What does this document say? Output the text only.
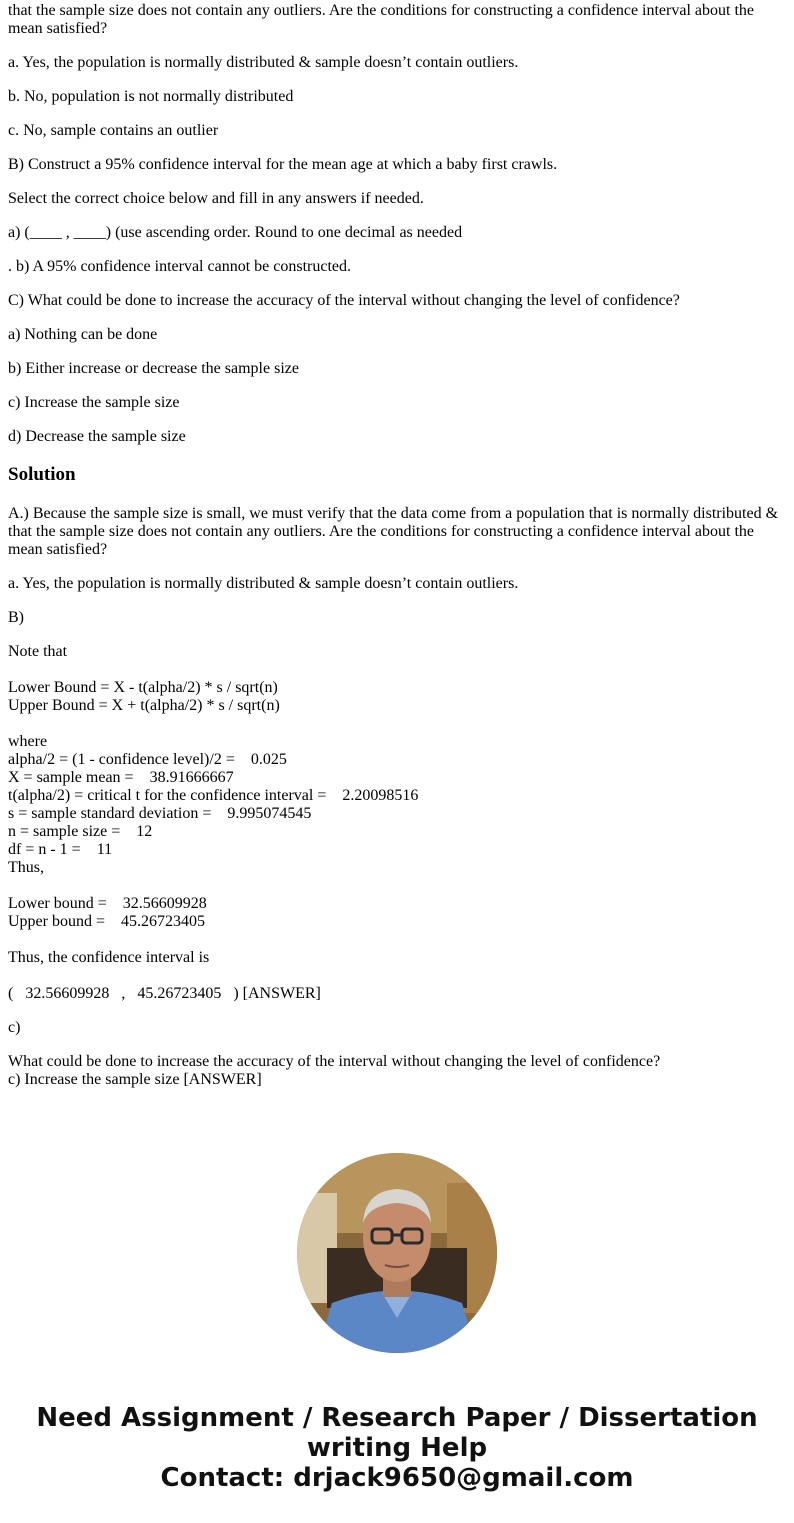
that the sample size does not contain any outliers. Are the conditions for constructing a confidence interval about the
mean satisfied?
a. Yes, the population is normally distributed & sample doesn’t contain outliers.
b. No, population is not normally distributed
c. No, sample contains an outlier
B) Construct a 95% confidence interval for the mean age at which a baby first crawls.
Select the correct choice below and fill in any answers if needed.
a) (____ , ____) (use ascending order. Round to one decimal as needed
. b) A 95% confidence interval cannot be constructed.
C) What could be done to increase the accuracy of the interval without changing the level of confidence?
a) Nothing can be done
b) Either increase or decrease the sample size
c) Increase the sample size
d) Decrease the sample size
Solution
A.) Because the sample size is small, we must verify that the data come from a population that is normally distributed &
that the sample size does not contain any outliers. Are the conditions for constructing a confidence interval about the
mean satisfied?
a. Yes, the population is normally distributed & sample doesn’t contain outliers.
B)
Note that
Lower Bound = X - t(alpha/2) * s / sqrt(n)
Upper Bound = X + t(alpha/2) * s / sqrt(n)
where
alpha/2 = (1 - confidence level)/2 =    0.025
X = sample mean =    38.91666667
t(alpha/2) = critical t for the confidence interval =    2.20098516
s = sample standard deviation =    9.995074545
n = sample size =    12
df = n - 1 =    11
Thus,
Lower bound =    32.56609928
Upper bound =    45.26723405
Thus, the confidence interval is
(   32.56609928   ,   45.26723405   ) [ANSWER]
c)
What could be done to increase the accuracy of the interval without changing the level of confidence?
c) Increase the sample size [ANSWER]
Need Assignment / Research Paper / Dissertation
writing Help
Contact: drjack9650@gmail.com
